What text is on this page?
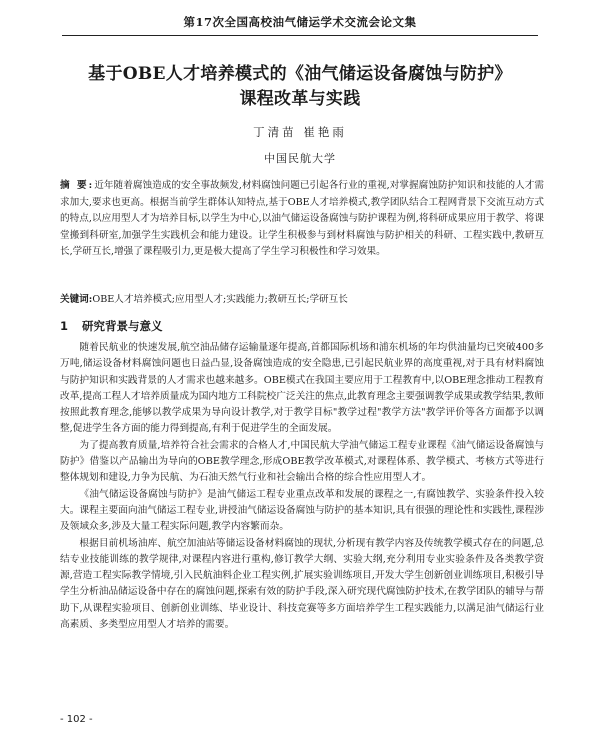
第17次全国高校油气储运学术交流会论文集
基于OBE人才培养模式的《油气储运设备腐蚀与防护》
课程改革与实践
丁清苗 崔艳雨
中国民航大学
摘 要:近年随着腐蚀造成的安全事故频发,材料腐蚀问题已引起各行业的重视,对掌握腐蚀防护知识和技能的人才需求加大,要求也更高。根据当前学生群体认知特点,基于OBE人才培养模式,教学团队结合工程网背景下交流互动方式的特点,以应用型人才为培养目标,以学生为中心,以油气储运设备腐蚀与防护课程为例,将科研成果应用于教学、将课堂搬到科研室,加强学生实践机会和能力建设。让学生积极参与到材料腐蚀与防护相关的科研、工程实践中,教研互长,学研互长,增强了课程吸引力,更是极大提高了学生学习积极性和学习效果。
关键词:OBE人才培养模式;应用型人才;实践能力;教研互长;学研互长
1 研究背景与意义

随着民航业的快速发展,航空油品储存运输量逐年提高,首都国际机场和浦东机场的年均供油量均已突破400多万吨,储运设备材料腐蚀问题也日益凸显,设备腐蚀造成的安全隐患,已引起民航业界的高度重视,对于具有材料腐蚀与防护知识和实践背景的人才需求也越来越多。OBE模式在我国主要应用于工程教育中,以OBE理念推动工程教育改革,提高工程人才培养质量成为国内地方工科院校广泛关注的焦点,此教育理念主要强调教学成果或教学结果,教师按照此教育理念,能够以教学成果为导向设计教学,对于教学目标"教学过程"教学方法"教学评价等各方面都予以调整,促进学生各方面的能力得到提高,有利于促进学生的全面发展。

为了提高教育质量,培养符合社会需求的合格人才,中国民航大学油气储运工程专业课程《油气储运设备腐蚀与防护》借鉴以产品输出为导向的OBE教学理念,形成OBE教学改革模式,对课程体系、教学模式、考核方式等进行整体规划和建设,力争为民航、为石油天然气行业和社会输出合格的综合性应用型人才。

《油气储运设备腐蚀与防护》是油气储运工程专业重点改革和发展的课程之一,有腐蚀教学、实验条件投入较大。课程主要面向油气储运工程专业,讲授油气储运设备腐蚀与防护的基本知识,具有很强的理论性和实践性,课程涉及领域众多,涉及大量工程实际问题,教学内容繁而杂。

根据目前机场油库、航空加油站等储运设备材料腐蚀的现状,分析现有教学内容及传统教学模式存在的问题,总结专业技能训练的教学规律,对课程内容进行重构,修订教学大纲、实验大纲,充分利用专业实验条件及各类教学资源,营造工程实际教学情境,引入民航油料企业工程实例,扩展实验训练项目,开发大学生创新创业训练项目,积极引导学生分析油品储运设备中存在的腐蚀问题,探索有效的防护手段,深入研究现代腐蚀防护技术,在教学团队的辅导与帮助下,从课程实验项目、创新创业训练、毕业设计、科技竞赛等多方面培养学生工程实践能力,以满足油气储运行业高素质、多类型应用型人才培养的需要。

- 102 -
